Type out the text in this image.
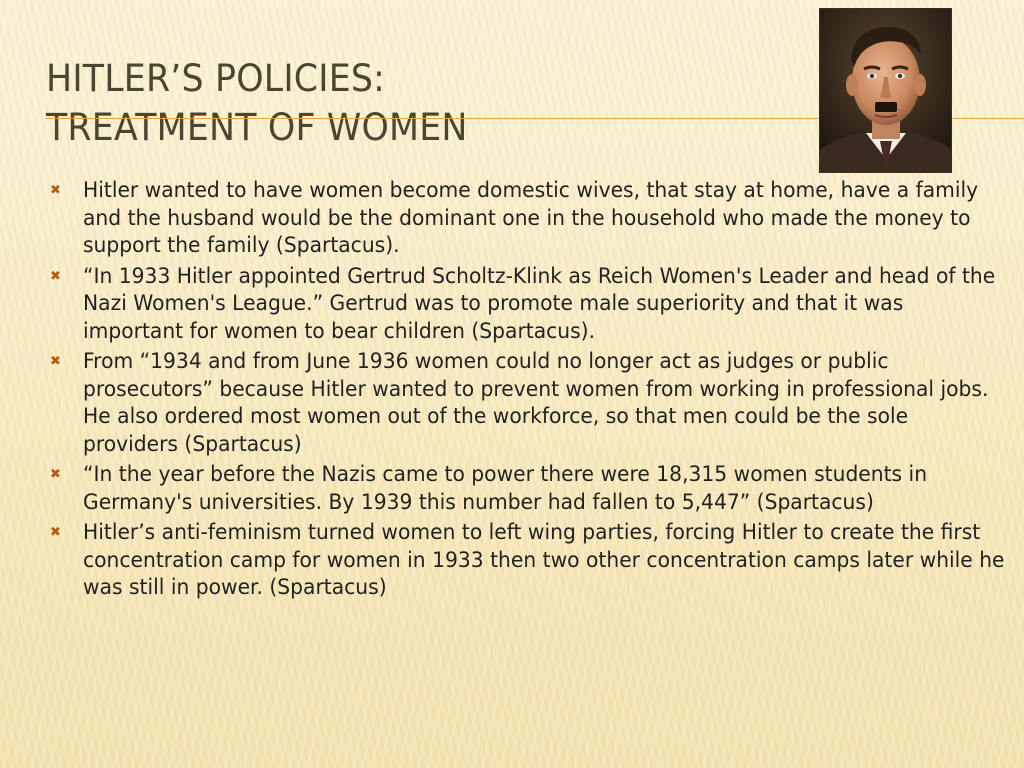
HITLER’S POLICIES:
TREATMENT OF WOMEN
✖ Hitler wanted to have women become domestic wives, that stay at home, have a family and the husband would be the dominant one in the household who made the money to support the family (Spartacus).
✖ “In 1933 Hitler appointed Gertrud Scholtz-Klink as Reich Women's Leader and head of the Nazi Women's League.” Gertrud was to promote male superiority and that it was important for women to bear children (Spartacus).
✖ From “1934 and from June 1936 women could no longer act as judges or public prosecutors” because Hitler wanted to prevent women from working in professional jobs. He also ordered most women out of the workforce, so that men could be the sole providers (Spartacus)
✖ “In the year before the Nazis came to power there were 18,315 women students in Germany's universities. By 1939 this number had fallen to 5,447” (Spartacus)
✖ Hitler’s anti-feminism turned women to left wing parties, forcing Hitler to create the first concentration camp for women in 1933 then two other concentration camps later while he was still in power. (Spartacus)
